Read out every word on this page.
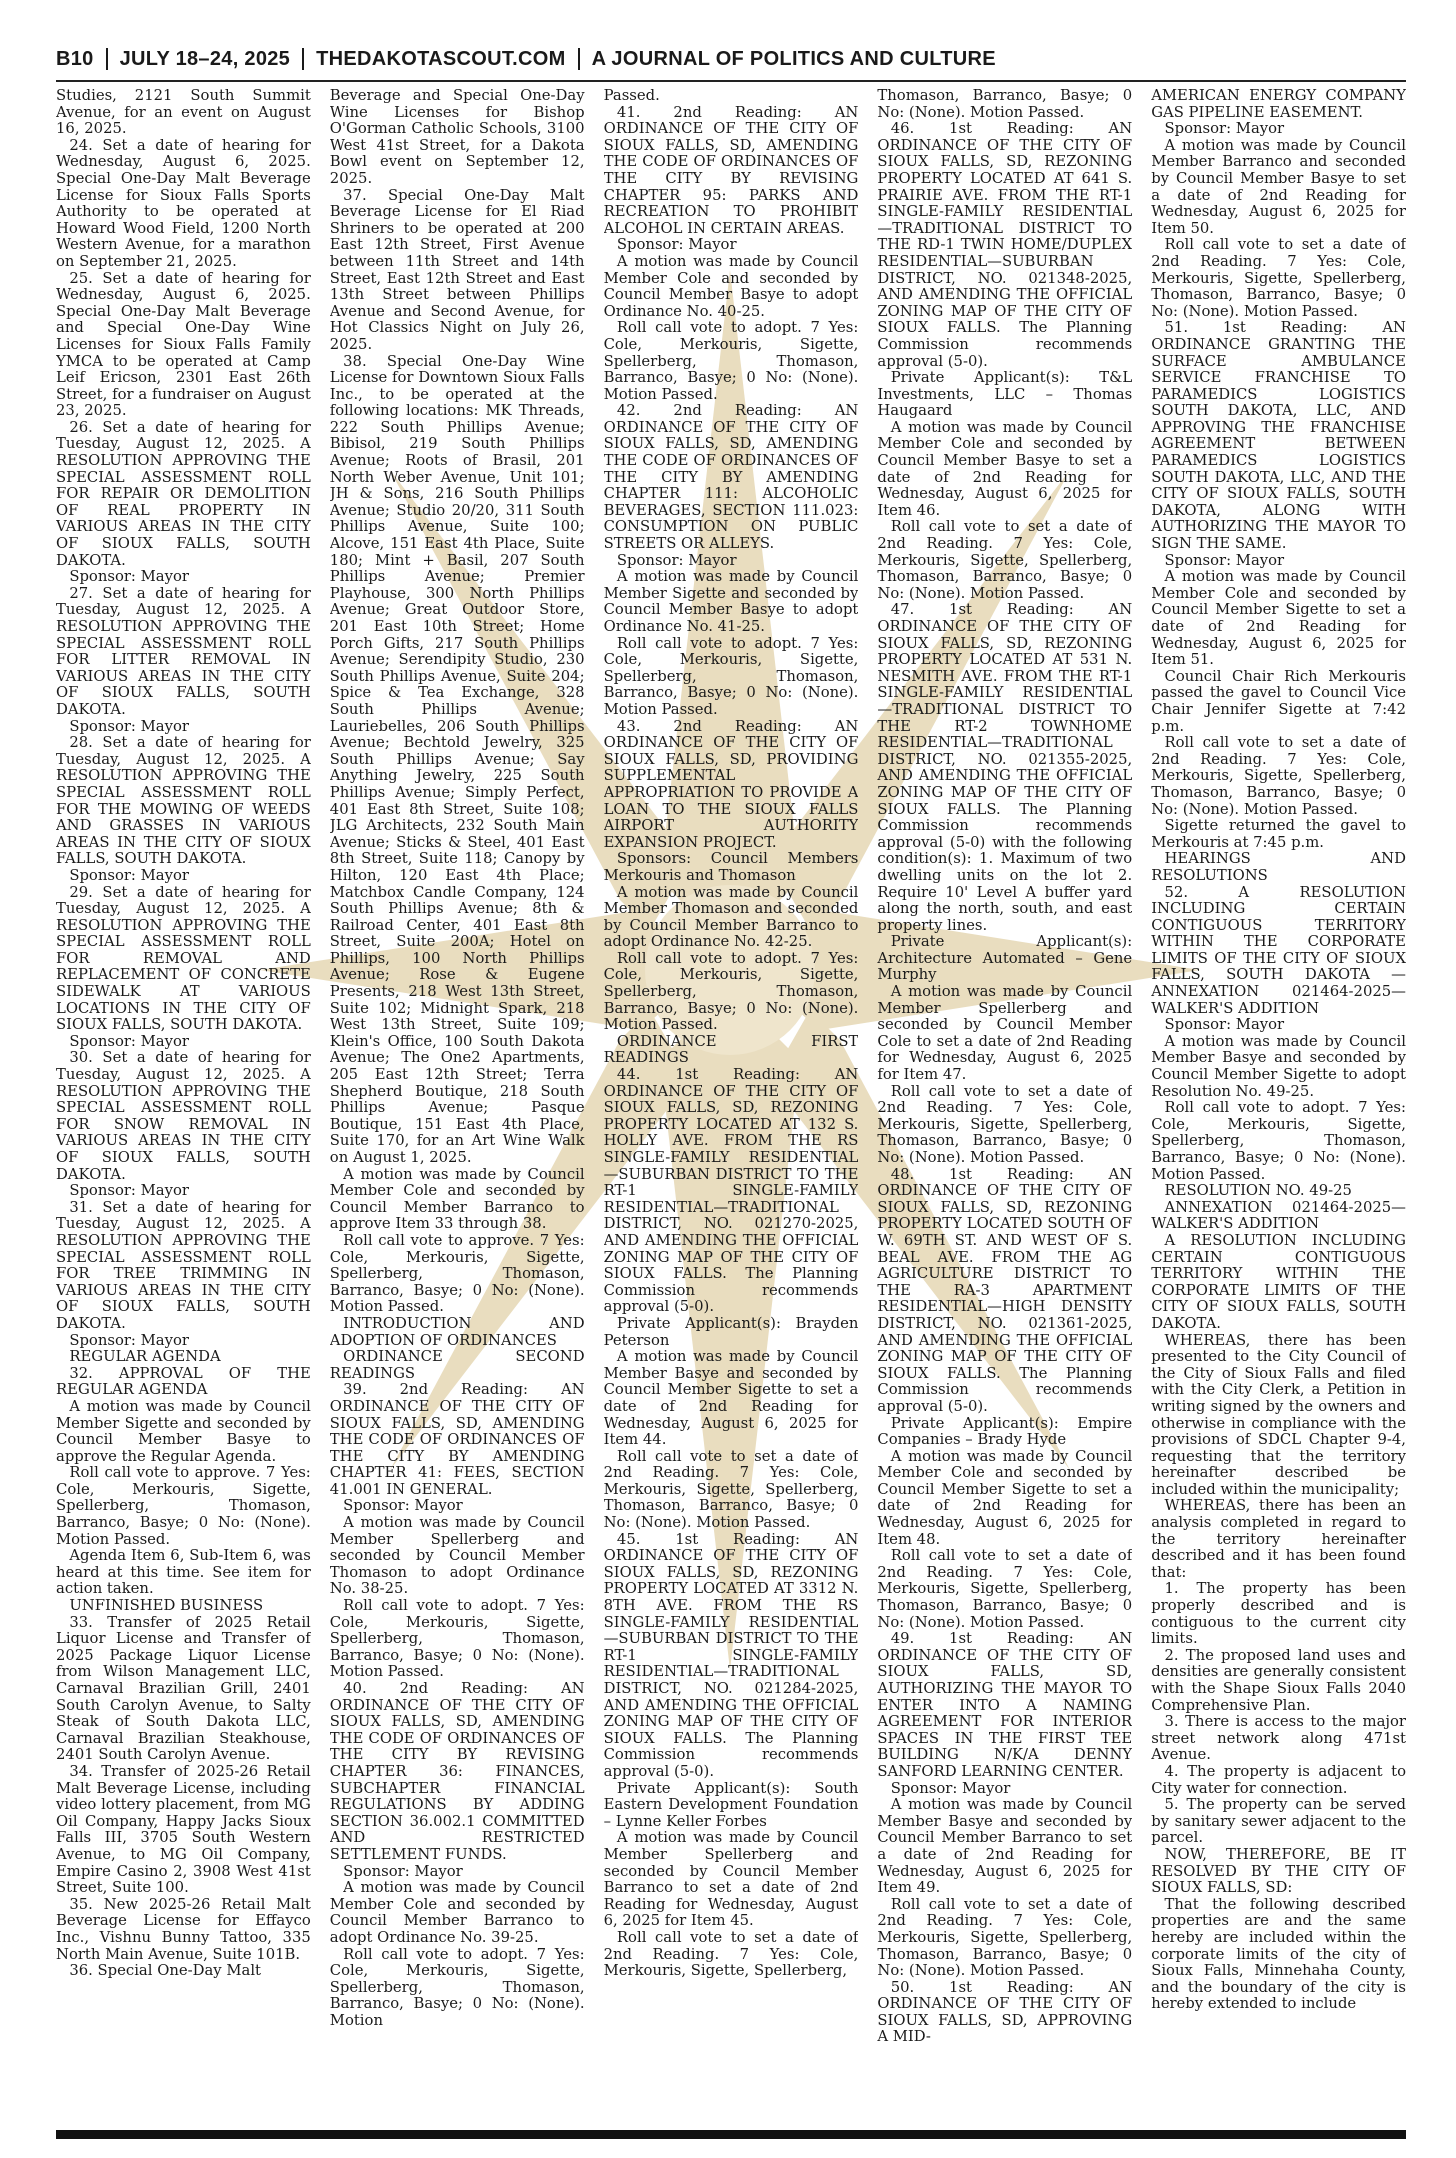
B10 JULY 18–24, 2025 THEDAKOTASCOUT.COM A JOURNAL OF POLITICS AND CULTURE

Studies, 2121 South Summit Avenue, for an event on August 16, 2025.

24. Set a date of hearing for Wednesday, August 6, 2025. Special One-Day Malt Beverage License for Sioux Falls Sports Authority to be operated at Howard Wood Field, 1200 North Western Avenue, for a marathon on September 21, 2025.

25. Set a date of hearing for Wednesday, August 6, 2025. Special One-Day Malt Beverage and Special One-Day Wine Licenses for Sioux Falls Family YMCA to be operated at Camp Leif Ericson, 2301 East 26th Street, for a fundraiser on August 23, 2025.

26. Set a date of hearing for Tuesday, August 12, 2025. A RESOLUTION APPROVING THE SPECIAL ASSESSMENT ROLL FOR REPAIR OR DEMOLITION OF REAL PROPERTY IN VARIOUS AREAS IN THE CITY OF SIOUX FALLS, SOUTH DAKOTA.

Sponsor: Mayor

27. Set a date of hearing for Tuesday, August 12, 2025. A RESOLUTION APPROVING THE SPECIAL ASSESSMENT ROLL FOR LITTER REMOVAL IN VARIOUS AREAS IN THE CITY OF SIOUX FALLS, SOUTH DAKOTA.

Sponsor: Mayor

28. Set a date of hearing for Tuesday, August 12, 2025. A RESOLUTION APPROVING THE SPECIAL ASSESSMENT ROLL FOR THE MOWING OF WEEDS AND GRASSES IN VARIOUS AREAS IN THE CITY OF SIOUX FALLS, SOUTH DAKOTA.

Sponsor: Mayor

29. Set a date of hearing for Tuesday, August 12, 2025. A RESOLUTION APPROVING THE SPECIAL ASSESSMENT ROLL FOR REMOVAL AND REPLACEMENT OF CONCRETE SIDEWALK AT VARIOUS LOCATIONS IN THE CITY OF SIOUX FALLS, SOUTH DAKOTA.

Sponsor: Mayor

30. Set a date of hearing for Tuesday, August 12, 2025. A RESOLUTION APPROVING THE SPECIAL ASSESSMENT ROLL FOR SNOW REMOVAL IN VARIOUS AREAS IN THE CITY OF SIOUX FALLS, SOUTH DAKOTA.

Sponsor: Mayor

31. Set a date of hearing for Tuesday, August 12, 2025. A RESOLUTION APPROVING THE SPECIAL ASSESSMENT ROLL FOR TREE TRIMMING IN VARIOUS AREAS IN THE CITY OF SIOUX FALLS, SOUTH DAKOTA.

Sponsor: Mayor

REGULAR AGENDA

32. APPROVAL OF THE REGULAR AGENDA

A motion was made by Council Member Sigette and seconded by Council Member Basye to approve the Regular Agenda.

Roll call vote to approve. 7 Yes: Cole, Merkouris, Sigette, Spellerberg, Thomason, Barranco, Basye; 0 No: (None). Motion Passed.

Agenda Item 6, Sub-Item 6, was heard at this time. See item for action taken.

UNFINISHED BUSINESS

33. Transfer of 2025 Retail Liquor License and Transfer of 2025 Package Liquor License from Wilson Management LLC, Carnaval Brazilian Grill, 2401 South Carolyn Avenue, to Salty Steak of South Dakota LLC, Carnaval Brazilian Steakhouse, 2401 South Carolyn Avenue.

34. Transfer of 2025-26 Retail Malt Beverage License, including video lottery placement, from MG Oil Company, Happy Jacks Sioux Falls III, 3705 South Western Avenue, to MG Oil Company, Empire Casino 2, 3908 West 41st Street, Suite 100.

35. New 2025-26 Retail Malt Beverage License for Effayco Inc., Vishnu Bunny Tattoo, 335 North Main Avenue, Suite 101B.

36. Special One-Day Malt

Beverage and Special One-Day Wine Licenses for Bishop O'Gorman Catholic Schools, 3100 West 41st Street, for a Dakota Bowl event on September 12, 2025.

37. Special One-Day Malt Beverage License for El Riad Shriners to be operated at 200 East 12th Street, First Avenue between 11th Street and 14th Street, East 12th Street and East 13th Street between Phillips Avenue and Second Avenue, for Hot Classics Night on July 26, 2025.

38. Special One-Day Wine License for Downtown Sioux Falls Inc., to be operated at the following locations: MK Threads, 222 South Phillips Avenue; Bibisol, 219 South Phillips Avenue; Roots of Brasil, 201 North Weber Avenue, Unit 101; JH & Sons, 216 South Phillips Avenue; Studio 20/20, 311 South Phillips Avenue, Suite 100; Alcove, 151 East 4th Place, Suite 180; Mint + Basil, 207 South Phillips Avenue; Premier Playhouse, 300 North Phillips Avenue; Great Outdoor Store, 201 East 10th Street; Home Porch Gifts, 217 South Phillips Avenue; Serendipity Studio, 230 South Phillips Avenue, Suite 204; Spice & Tea Exchange, 328 South Phillips Avenue; Lauriebelles, 206 South Phillips Avenue; Bechtold Jewelry, 325 South Phillips Avenue; Say Anything Jewelry, 225 South Phillips Avenue; Simply Perfect, 401 East 8th Street, Suite 108; JLG Architects, 232 South Main Avenue; Sticks & Steel, 401 East 8th Street, Suite 118; Canopy by Hilton, 120 East 4th Place; Matchbox Candle Company, 124 South Phillips Avenue; 8th & Railroad Center, 401 East 8th Street, Suite 200A; Hotel on Phillips, 100 North Phillips Avenue; Rose & Eugene Presents, 218 West 13th Street, Suite 102; Midnight Spark, 218 West 13th Street, Suite 109; Klein's Office, 100 South Dakota Avenue; The One2 Apartments, 205 East 12th Street; Terra Shepherd Boutique, 218 South Phillips Avenue; Pasque Boutique, 151 East 4th Place, Suite 170, for an Art Wine Walk on August 1, 2025.

A motion was made by Council Member Cole and seconded by Council Member Barranco to approve Item 33 through 38.

Roll call vote to approve. 7 Yes: Cole, Merkouris, Sigette, Spellerberg, Thomason, Barranco, Basye; 0 No: (None). Motion Passed.

INTRODUCTION AND ADOPTION OF ORDINANCES

ORDINANCE SECOND READINGS

39. 2nd Reading: AN ORDINANCE OF THE CITY OF SIOUX FALLS, SD, AMENDING THE CODE OF ORDINANCES OF THE CITY BY AMENDING CHAPTER 41: FEES, SECTION 41.001 IN GENERAL.

Sponsor: Mayor

A motion was made by Council Member Spellerberg and seconded by Council Member Thomason to adopt Ordinance No. 38-25.

Roll call vote to adopt. 7 Yes: Cole, Merkouris, Sigette, Spellerberg, Thomason, Barranco, Basye; 0 No: (None). Motion Passed.

40. 2nd Reading: AN ORDINANCE OF THE CITY OF SIOUX FALLS, SD, AMENDING THE CODE OF ORDINANCES OF THE CITY BY REVISING CHAPTER 36: FINANCES, SUBCHAPTER FINANCIAL REGULATIONS BY ADDING SECTION 36.002.1 COMMITTED AND RESTRICTED SETTLEMENT FUNDS.

Sponsor: Mayor

A motion was made by Council Member Cole and seconded by Council Member Barranco to adopt Ordinance No. 39-25.

Roll call vote to adopt. 7 Yes: Cole, Merkouris, Sigette, Spellerberg, Thomason, Barranco, Basye; 0 No: (None). Motion

Passed.

41. 2nd Reading: AN ORDINANCE OF THE CITY OF SIOUX FALLS, SD, AMENDING THE CODE OF ORDINANCES OF THE CITY BY REVISING CHAPTER 95: PARKS AND RECREATION TO PROHIBIT ALCOHOL IN CERTAIN AREAS.

Sponsor: Mayor

A motion was made by Council Member Cole and seconded by Council Member Basye to adopt Ordinance No. 40-25.

Roll call vote to adopt. 7 Yes: Cole, Merkouris, Sigette, Spellerberg, Thomason, Barranco, Basye; 0 No: (None). Motion Passed.

42. 2nd Reading: AN ORDINANCE OF THE CITY OF SIOUX FALLS, SD, AMENDING THE CODE OF ORDINANCES OF THE CITY BY AMENDING CHAPTER 111: ALCOHOLIC BEVERAGES, SECTION 111.023: CONSUMPTION ON PUBLIC STREETS OR ALLEYS.

Sponsor: Mayor

A motion was made by Council Member Sigette and seconded by Council Member Basye to adopt Ordinance No. 41-25.

Roll call vote to adopt. 7 Yes: Cole, Merkouris, Sigette, Spellerberg, Thomason, Barranco, Basye; 0 No: (None). Motion Passed.

43. 2nd Reading: AN ORDINANCE OF THE CITY OF SIOUX FALLS, SD, PROVIDING SUPPLEMENTAL APPROPRIATION TO PROVIDE A LOAN TO THE SIOUX FALLS AIRPORT AUTHORITY EXPANSION PROJECT.

Sponsors: Council Members Merkouris and Thomason

A motion was made by Council Member Thomason and seconded by Council Member Barranco to adopt Ordinance No. 42-25.

Roll call vote to adopt. 7 Yes: Cole, Merkouris, Sigette, Spellerberg, Thomason, Barranco, Basye; 0 No: (None). Motion Passed.

ORDINANCE FIRST READINGS

44. 1st Reading: AN ORDINANCE OF THE CITY OF SIOUX FALLS, SD, REZONING PROPERTY LOCATED AT 132 S. HOLLY AVE. FROM THE RS SINGLE-FAMILY RESIDENTIAL—SUBURBAN DISTRICT TO THE RT-1 SINGLE-FAMILY RESIDENTIAL—TRADITIONAL DISTRICT, NO. 021270-2025, AND AMENDING THE OFFICIAL ZONING MAP OF THE CITY OF SIOUX FALLS. The Planning Commission recommends approval (5-0).

Private Applicant(s): Brayden Peterson

A motion was made by Council Member Basye and seconded by Council Member Sigette to set a date of 2nd Reading for Wednesday, August 6, 2025 for Item 44.

Roll call vote to set a date of 2nd Reading. 7 Yes: Cole, Merkouris, Sigette, Spellerberg, Thomason, Barranco, Basye; 0 No: (None). Motion Passed.

45. 1st Reading: AN ORDINANCE OF THE CITY OF SIOUX FALLS, SD, REZONING PROPERTY LOCATED AT 3312 N. 8TH AVE. FROM THE RS SINGLE-FAMILY RESIDENTIAL—SUBURBAN DISTRICT TO THE RT-1 SINGLE-FAMILY RESIDENTIAL—TRADITIONAL DISTRICT, NO. 021284-2025, AND AMENDING THE OFFICIAL ZONING MAP OF THE CITY OF SIOUX FALLS. The Planning Commission recommends approval (5-0).

Private Applicant(s): South Eastern Development Foundation – Lynne Keller Forbes

A motion was made by Council Member Spellerberg and seconded by Council Member Barranco to set a date of 2nd Reading for Wednesday, August 6, 2025 for Item 45.

Roll call vote to set a date of 2nd Reading. 7 Yes: Cole, Merkouris, Sigette, Spellerberg,

Thomason, Barranco, Basye; 0 No: (None). Motion Passed.

46. 1st Reading: AN ORDINANCE OF THE CITY OF SIOUX FALLS, SD, REZONING PROPERTY LOCATED AT 641 S. PRAIRIE AVE. FROM THE RT-1 SINGLE-FAMILY RESIDENTIAL—TRADITIONAL DISTRICT TO THE RD-1 TWIN HOME/DUPLEX RESIDENTIAL—SUBURBAN DISTRICT, NO. 021348-2025, AND AMENDING THE OFFICIAL ZONING MAP OF THE CITY OF SIOUX FALLS. The Planning Commission recommends approval (5-0).

Private Applicant(s): T&L Investments, LLC – Thomas Haugaard

A motion was made by Council Member Cole and seconded by Council Member Basye to set a date of 2nd Reading for Wednesday, August 6, 2025 for Item 46.

Roll call vote to set a date of 2nd Reading. 7 Yes: Cole, Merkouris, Sigette, Spellerberg, Thomason, Barranco, Basye; 0 No: (None). Motion Passed.

47. 1st Reading: AN ORDINANCE OF THE CITY OF SIOUX FALLS, SD, REZONING PROPERTY LOCATED AT 531 N. NESMITH AVE. FROM THE RT-1 SINGLE-FAMILY RESIDENTIAL—TRADITIONAL DISTRICT TO THE RT-2 TOWNHOME RESIDENTIAL—TRADITIONAL DISTRICT, NO. 021355-2025, AND AMENDING THE OFFICIAL ZONING MAP OF THE CITY OF SIOUX FALLS. The Planning Commission recommends approval (5-0) with the following condition(s): 1. Maximum of two dwelling units on the lot 2. Require 10' Level A buffer yard along the north, south, and east property lines.

Private Applicant(s): Architecture Automated – Gene Murphy

A motion was made by Council Member Spellerberg and seconded by Council Member Cole to set a date of 2nd Reading for Wednesday, August 6, 2025 for Item 47.

Roll call vote to set a date of 2nd Reading. 7 Yes: Cole, Merkouris, Sigette, Spellerberg, Thomason, Barranco, Basye; 0 No: (None). Motion Passed.

48. 1st Reading: AN ORDINANCE OF THE CITY OF SIOUX FALLS, SD, REZONING PROPERTY LOCATED SOUTH OF W. 69TH ST. AND WEST OF S. BEAL AVE. FROM THE AG AGRICULTURE DISTRICT TO THE RA-3 APARTMENT RESIDENTIAL—HIGH DENSITY DISTRICT, NO. 021361-2025, AND AMENDING THE OFFICIAL ZONING MAP OF THE CITY OF SIOUX FALLS. The Planning Commission recommends approval (5-0).

Private Applicant(s): Empire Companies – Brady Hyde

A motion was made by Council Member Cole and seconded by Council Member Sigette to set a date of 2nd Reading for Wednesday, August 6, 2025 for Item 48.

Roll call vote to set a date of 2nd Reading. 7 Yes: Cole, Merkouris, Sigette, Spellerberg, Thomason, Barranco, Basye; 0 No: (None). Motion Passed.

49. 1st Reading: AN ORDINANCE OF THE CITY OF SIOUX FALLS, SD, AUTHORIZING THE MAYOR TO ENTER INTO A NAMING AGREEMENT FOR INTERIOR SPACES IN THE FIRST TEE BUILDING N/K/A DENNY SANFORD LEARNING CENTER.

Sponsor: Mayor

A motion was made by Council Member Basye and seconded by Council Member Barranco to set a date of 2nd Reading for Wednesday, August 6, 2025 for Item 49.

Roll call vote to set a date of 2nd Reading. 7 Yes: Cole, Merkouris, Sigette, Spellerberg, Thomason, Barranco, Basye; 0 No: (None). Motion Passed.

50. 1st Reading: AN ORDINANCE OF THE CITY OF SIOUX FALLS, SD, APPROVING A MID-

AMERICAN ENERGY COMPANY GAS PIPELINE EASEMENT.

Sponsor: Mayor

A motion was made by Council Member Barranco and seconded by Council Member Basye to set a date of 2nd Reading for Wednesday, August 6, 2025 for Item 50.

Roll call vote to set a date of 2nd Reading. 7 Yes: Cole, Merkouris, Sigette, Spellerberg, Thomason, Barranco, Basye; 0 No: (None). Motion Passed.

51. 1st Reading: AN ORDINANCE GRANTING THE SURFACE AMBULANCE SERVICE FRANCHISE TO PARAMEDICS LOGISTICS SOUTH DAKOTA, LLC, AND APPROVING THE FRANCHISE AGREEMENT BETWEEN PARAMEDICS LOGISTICS SOUTH DAKOTA, LLC, AND THE CITY OF SIOUX FALLS, SOUTH DAKOTA, ALONG WITH AUTHORIZING THE MAYOR TO SIGN THE SAME.

Sponsor: Mayor

A motion was made by Council Member Cole and seconded by Council Member Sigette to set a date of 2nd Reading for Wednesday, August 6, 2025 for Item 51.

Council Chair Rich Merkouris passed the gavel to Council Vice Chair Jennifer Sigette at 7:42 p.m.

Roll call vote to set a date of 2nd Reading. 7 Yes: Cole, Merkouris, Sigette, Spellerberg, Thomason, Barranco, Basye; 0 No: (None). Motion Passed.

Sigette returned the gavel to Merkouris at 7:45 p.m.

HEARINGS AND RESOLUTIONS

52. A RESOLUTION INCLUDING CERTAIN CONTIGUOUS TERRITORY WITHIN THE CORPORATE LIMITS OF THE CITY OF SIOUX FALLS, SOUTH DAKOTA — ANNEXATION 021464-2025—WALKER'S ADDITION

Sponsor: Mayor

A motion was made by Council Member Basye and seconded by Council Member Sigette to adopt Resolution No. 49-25.

Roll call vote to adopt. 7 Yes: Cole, Merkouris, Sigette, Spellerberg, Thomason, Barranco, Basye; 0 No: (None). Motion Passed.

RESOLUTION NO. 49-25

ANNEXATION 021464-2025—WALKER'S ADDITION

A RESOLUTION INCLUDING CERTAIN CONTIGUOUS TERRITORY WITHIN THE CORPORATE LIMITS OF THE CITY OF SIOUX FALLS, SOUTH DAKOTA.

WHEREAS, there has been presented to the City Council of the City of Sioux Falls and filed with the City Clerk, a Petition in writing signed by the owners and otherwise in compliance with the provisions of SDCL Chapter 9-4, requesting that the territory hereinafter described be included within the municipality;

WHEREAS, there has been an analysis completed in regard to the territory hereinafter described and it has been found that:

1. The property has been properly described and is contiguous to the current city limits.

2. The proposed land uses and densities are generally consistent with the Shape Sioux Falls 2040 Comprehensive Plan.

3. There is access to the major street network along 471st Avenue.

4. The property is adjacent to City water for connection.

5. The property can be served by sanitary sewer adjacent to the parcel.

NOW, THEREFORE, BE IT RESOLVED BY THE CITY OF SIOUX FALLS, SD:

That the following described properties are and the same hereby are included within the corporate limits of the city of Sioux Falls, Minnehaha County, and the boundary of the city is hereby extended to include
